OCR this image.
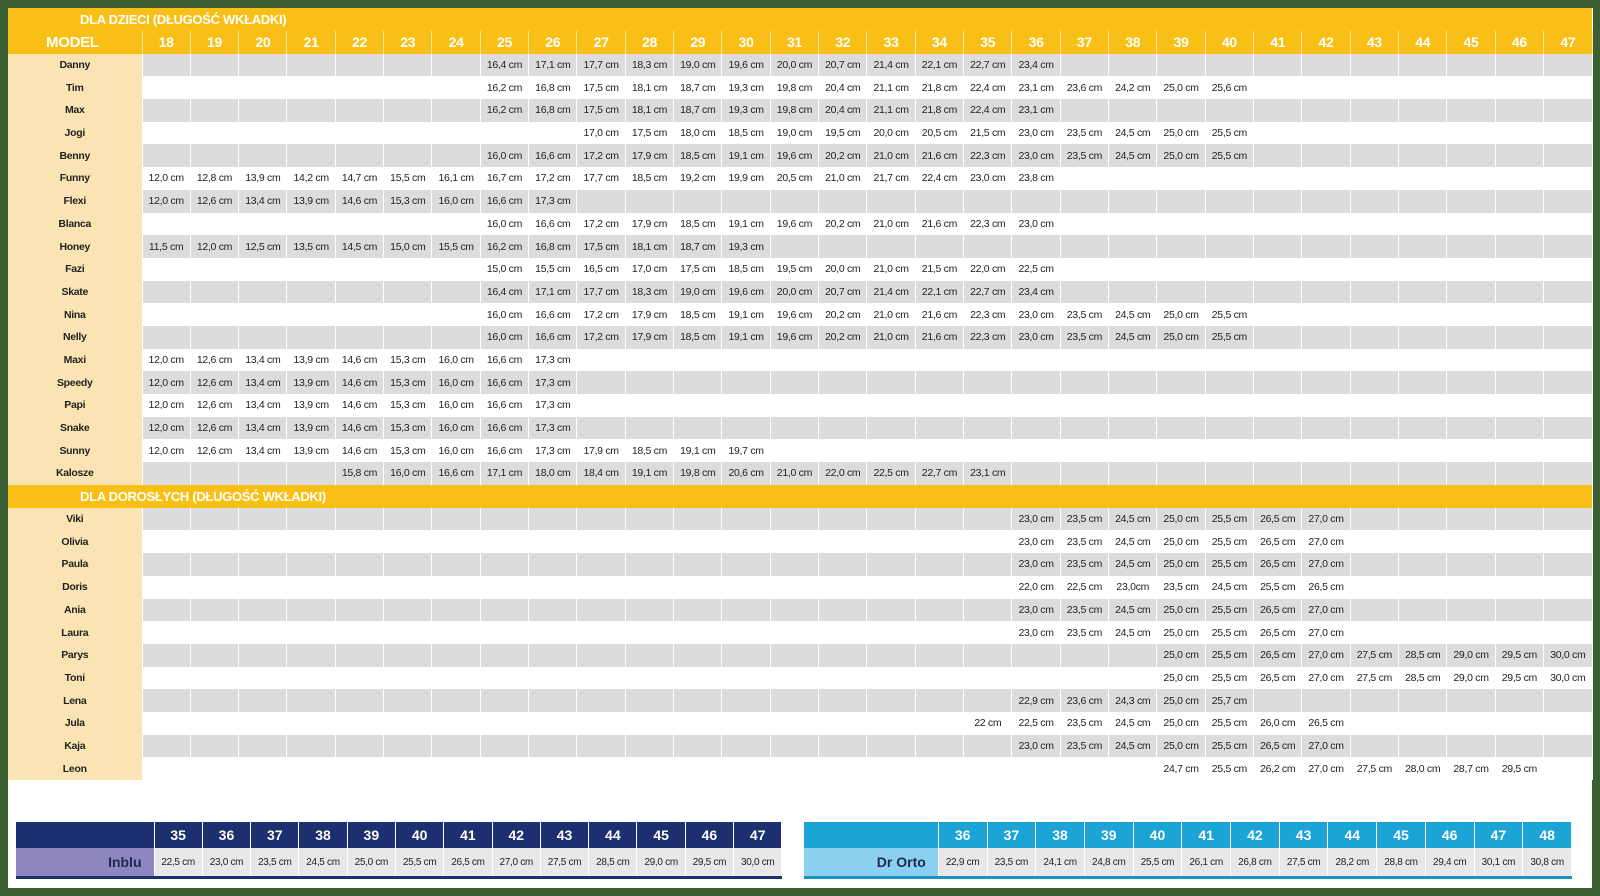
DLA DZIECI (DŁUGOŚĆ WKŁADKI)																														
MODEL	18	19	20	21	22	23	24	25	26	27	28	29	30	31	32	33	34	35	36	37	38	39	40	41	42	43	44	45	46	47
Danny								16,4 cm	17,1 cm	17,7 cm	18,3 cm	19,0 cm	19,6 cm	20,0 cm	20,7 cm	21,4 cm	22,1 cm	22,7 cm	23,4 cm											
Tim								16,2 cm	16,8 cm	17,5 cm	18,1 cm	18,7 cm	19,3 cm	19,8 cm	20,4 cm	21,1 cm	21,8 cm	22,4 cm	23,1 cm	23,6 cm	24,2 cm	25,0 cm	25,6 cm							
Max								16,2 cm	16,8 cm	17,5 cm	18,1 cm	18,7 cm	19,3 cm	19,8 cm	20,4 cm	21,1 cm	21,8 cm	22,4 cm	23,1 cm											
Jogi										17,0 cm	17,5 cm	18,0 cm	18,5 cm	19,0 cm	19,5 cm	20,0 cm	20,5 cm	21,5 cm	23,0 cm	23,5 cm	24,5 cm	25,0 cm	25,5 cm							
Benny								16,0 cm	16,6 cm	17,2 cm	17,9 cm	18,5 cm	19,1 cm	19,6 cm	20,2 cm	21,0 cm	21,6 cm	22,3 cm	23,0 cm	23,5 cm	24,5 cm	25,0 cm	25,5 cm							
Funny	12,0 cm	12,8 cm	13,9 cm	14,2 cm	14,7 cm	15,5 cm	16,1 cm	16,7 cm	17,2 cm	17,7 cm	18,5 cm	19,2 cm	19,9 cm	20,5 cm	21,0 cm	21,7 cm	22,4 cm	23,0 cm	23,8 cm											
Flexi	12,0 cm	12,6 cm	13,4 cm	13,9 cm	14,6 cm	15,3 cm	16,0 cm	16,6 cm	17,3 cm																					
Blanca								16,0 cm	16,6 cm	17,2 cm	17,9 cm	18,5 cm	19,1 cm	19,6 cm	20,2 cm	21,0 cm	21,6 cm	22,3 cm	23,0 cm											
Honey	11,5 cm	12,0 cm	12,5 cm	13,5 cm	14,5 cm	15,0 cm	15,5 cm	16,2 cm	16,8 cm	17,5 cm	18,1 cm	18,7 cm	19,3 cm																	
Fazi								15,0 cm	15,5 cm	16,5 cm	17,0 cm	17,5 cm	18,5 cm	19,5 cm	20,0 cm	21,0 cm	21,5 cm	22,0 cm	22,5 cm											
Skate								16,4 cm	17,1 cm	17,7 cm	18,3 cm	19,0 cm	19,6 cm	20,0 cm	20,7 cm	21,4 cm	22,1 cm	22,7 cm	23,4 cm											
Nina								16,0 cm	16,6 cm	17,2 cm	17,9 cm	18,5 cm	19,1 cm	19,6 cm	20,2 cm	21,0 cm	21,6 cm	22,3 cm	23,0 cm	23,5 cm	24,5 cm	25,0 cm	25,5 cm							
Nelly								16,0 cm	16,6 cm	17,2 cm	17,9 cm	18,5 cm	19,1 cm	19,6 cm	20,2 cm	21,0 cm	21,6 cm	22,3 cm	23,0 cm	23,5 cm	24,5 cm	25,0 cm	25,5 cm							
Maxi	12,0 cm	12,6 cm	13,4 cm	13,9 cm	14,6 cm	15,3 cm	16,0 cm	16,6 cm	17,3 cm																					
Speedy	12,0 cm	12,6 cm	13,4 cm	13,9 cm	14,6 cm	15,3 cm	16,0 cm	16,6 cm	17,3 cm																					
Papi	12,0 cm	12,6 cm	13,4 cm	13,9 cm	14,6 cm	15,3 cm	16,0 cm	16,6 cm	17,3 cm																					
Snake	12,0 cm	12,6 cm	13,4 cm	13,9 cm	14,6 cm	15,3 cm	16,0 cm	16,6 cm	17,3 cm																					
Sunny	12,0 cm	12,6 cm	13,4 cm	13,9 cm	14,6 cm	15,3 cm	16,0 cm	16,6 cm	17,3 cm	17,9 cm	18,5 cm	19,1 cm	19,7 cm																	
Kalosze					15,8 cm	16,0 cm	16,6 cm	17,1 cm	18,0 cm	18,4 cm	19,1 cm	19,8 cm	20,6 cm	21,0 cm	22,0 cm	22,5 cm	22,7 cm	23,1 cm												
DLA DOROSŁYCH (DŁUGOŚĆ WKŁADKI)																														
Viki																			23,0 cm	23,5 cm	24,5 cm	25,0 cm	25,5 cm	26,5 cm	27,0 cm					
Olivia																			23,0 cm	23,5 cm	24,5 cm	25,0 cm	25,5 cm	26,5 cm	27,0 cm					
Paula																			23,0 cm	23,5 cm	24,5 cm	25,0 cm	25,5 cm	26,5 cm	27,0 cm					
Doris																			22,0 cm	22,5 cm	23,0cm	23,5 cm	24,5 cm	25,5 cm	26,5 cm					
Ania																			23,0 cm	23,5 cm	24,5 cm	25,0 cm	25,5 cm	26,5 cm	27,0 cm					
Laura																			23,0 cm	23,5 cm	24,5 cm	25,0 cm	25,5 cm	26,5 cm	27,0 cm					
Parys																						25,0 cm	25,5 cm	26,5 cm	27,0 cm	27,5 cm	28,5 cm	29,0 cm	29,5 cm	30,0 cm
Toni																						25,0 cm	25,5 cm	26,5 cm	27,0 cm	27,5 cm	28,5 cm	29,0 cm	29,5 cm	30,0 cm
Lena																			22,9 cm	23,6 cm	24,3 cm	25,0 cm	25,7 cm							
Jula																		22 cm	22,5 cm	23,5 cm	24,5 cm	25,0 cm	25,5 cm	26,0 cm	26,5 cm					
Kaja																			23,0 cm	23,5 cm	24,5 cm	25,0 cm	25,5 cm	26,5 cm	27,0 cm					
Leon																						24,7 cm	25,5 cm	26,2 cm	27,0 cm	27,5 cm	28,0 cm	28,7 cm	29,5 cm	
	35	36	37	38	39	40	41	42	43	44	45	46	47
Inblu	22,5 cm	23,0 cm	23,5 cm	24,5 cm	25,0 cm	25,5 cm	26,5 cm	27,0 cm	27,5 cm	28,5 cm	29,0 cm	29,5 cm	30,0 cm
	36	37	38	39	40	41	42	43	44	45	46	47	48
Dr Orto	22,9 cm	23,5 cm	24,1 cm	24,8 cm	25,5 cm	26,1 cm	26,8 cm	27,5 cm	28,2 cm	28,8 cm	29,4 cm	30,1 cm	30,8 cm
